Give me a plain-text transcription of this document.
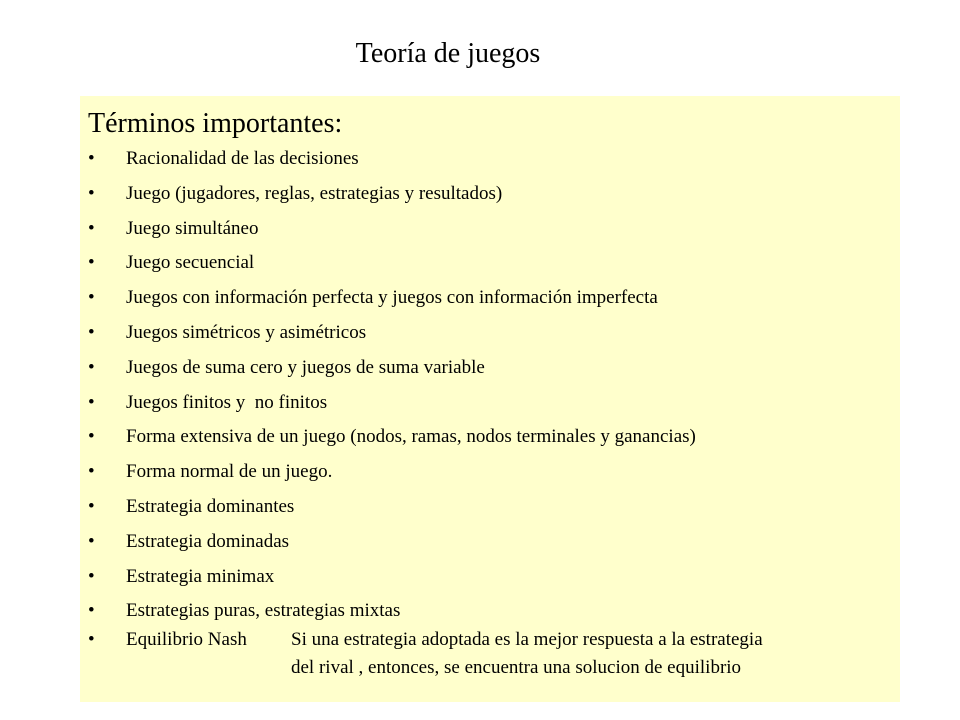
Teoría de juegos
Términos importantes:
• Racionalidad de las decisiones
• Juego (jugadores, reglas, estrategias y resultados)
• Juego simultáneo
• Juego secuencial
• Juegos con información perfecta y juegos con información imperfecta
• Juegos simétricos y asimétricos
• Juegos de suma cero y juegos de suma variable
• Juegos finitos y  no finitos
• Forma extensiva de un juego (nodos, ramas, nodos terminales y ganancias)
• Forma normal de un juego.
• Estrategia dominantes
• Estrategia dominadas
• Estrategia minimax
• Estrategias puras, estrategias mixtas
• Equilibrio Nash Si una estrategia adoptada es la mejor respuesta a la estrategia
del rival , entonces, se encuentra una solucion de equilibrio
